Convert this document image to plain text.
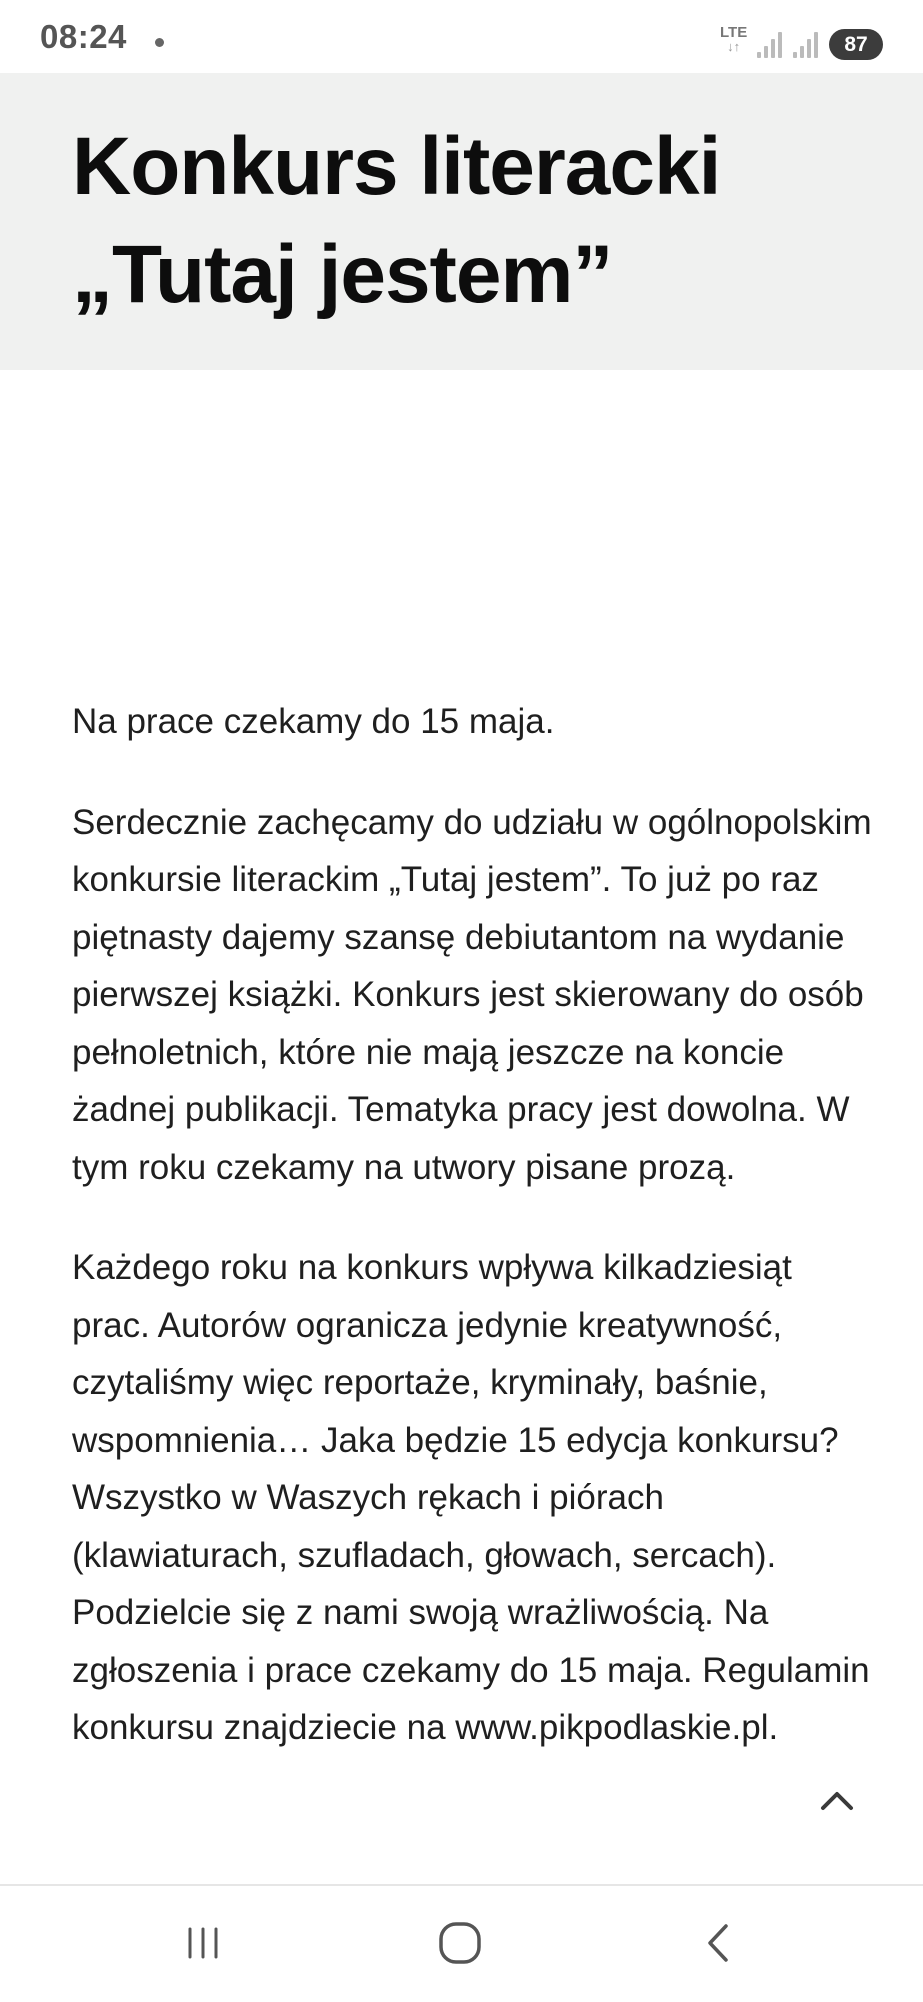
08:24	LTE
↓↑	87
Konkurs literacki
„Tutaj jestem”

Na prace czekamy do 15 maja.

Serdecznie zachęcamy do udziału w ogólnopolskim konkursie literackim „Tutaj jestem”. To już po raz piętnasty dajemy szansę debiutantom na wydanie pierwszej książki. Konkurs jest skierowany do osób pełnoletnich, które nie mają jeszcze na koncie żadnej publikacji. Tematyka pracy jest dowolna. W tym roku czekamy na utwory pisane prozą.

Każdego roku na konkurs wpływa kilkadziesiąt prac. Autorów ogranicza jedynie kreatywność, czytaliśmy więc reportaże, kryminały, baśnie, wspomnienia… Jaka będzie 15 edycja konkursu? Wszystko w Waszych rękach i piórach (klawiaturach, szufladach, głowach, sercach). Podzielcie się z nami swoją wrażliwością. Na zgłoszenia i prace czekamy do 15 maja. Regulamin konkursu znajdziecie na www.pikpodlaskie.pl.
